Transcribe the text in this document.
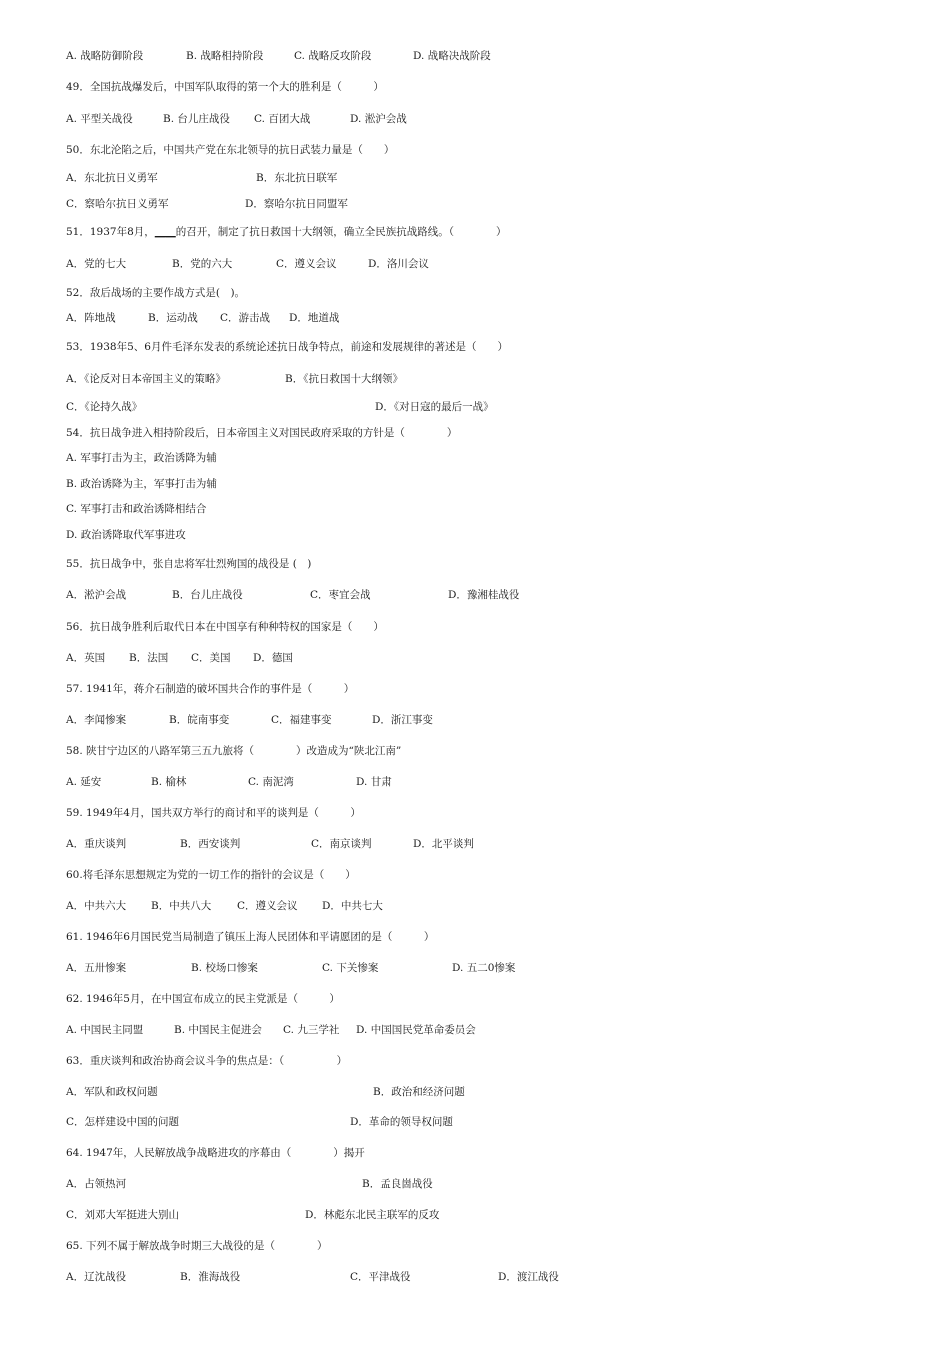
A. 战略防御阶段	B. 战略相持阶段	C. 战略反攻阶段	D. 战略决战阶段
49．全国抗战爆发后，中国军队取得的第一个大的胜利是（　　　）
A. 平型关战役	B. 台儿庄战役 C. 百团大战	D. 淞沪会战
50．东北沦陷之后，中国共产党在东北领导的抗日武装力量是（　　）
A．东北抗日义勇军	B．东北抗日联军
C．察哈尔抗日义勇军	D．察哈尔抗日同盟军
51．1937年8月，____的召开，制定了抗日救国十大纲领，确立全民族抗战路线。（　　　　）
A．党的七大	B．党的六大	C．遵义会议	D．洛川会议
52．敌后战场的主要作战方式是(　)。
A．阵地战	B．运动战 C．游击战 D．地道战
53．1938年5、6月件毛泽东发表的系统论述抗日战争特点，前途和发展规律的著述是（　　）
A．《论反对日本帝国主义的策略》	B．《抗日救国十大纲领》
C．《论持久战》	D．《对日寇的最后一战》
54．抗日战争进入相持阶段后，日本帝国主义对国民政府采取的方针是（　　　　）
A. 军事打击为主，政治诱降为辅
B. 政治诱降为主，军事打击为辅
C. 军事打击和政治诱降相结合
D. 政治诱降取代军事进攻
55．抗日战争中，张自忠将军壮烈殉国的战役是 (　)
A．淞沪会战	B．台儿庄战役	C．枣宜会战	D．豫湘桂战役
56．抗日战争胜利后取代日本在中国享有种种特权的国家是（　　）
A．英国 B．法国 C．美国 D．德国
57. 1941年，蒋介石制造的破坏国共合作的事件是（　　　）
A．李闻惨案	B．皖南事变	C．福建事变	D．浙江事变
58. 陕甘宁边区的八路军第三五九旅将（　　　　）改造成为“陕北江南”
A. 延安	B. 榆林	C. 南泥湾	D. 甘肃
59. 1949年4月，国共双方举行的商讨和平的谈判是（　　　）
A．重庆谈判	B．西安谈判	C．南京谈判	D．北平谈判
60.将毛泽东思想规定为党的一切工作的指针的会议是（　　）
A．中共六大 B．中共八大 C．遵义会议 D．中共七大
61. 1946年6月国民党当局制造了镇压上海人民团体和平请愿团的是（　　　）
A．五卅惨案	B. 校场口惨案	C. 下关惨案	D. 五二0惨案
62. 1946年5月，在中国宣布成立的民主党派是（　　　）
A. 中国民主同盟	B. 中国民主促进会 C. 九三学社 D. 中国国民党革命委员会
63．重庆谈判和政治协商会议斗争的焦点是：（　　　　　）
A．军队和政权问题	B．政治和经济问题
C．怎样建设中国的问题	D．革命的领导权问题
64. 1947年，人民解放战争战略进攻的序幕由（　　　　）揭开
A．占领热河	B．孟良崮战役
C．刘邓大军挺进大别山	D．林彪东北民主联军的反攻
65. 下列不属于解放战争时期三大战役的是（　　　　）
A．辽沈战役	B．淮海战役	C．平津战役	D．渡江战役
